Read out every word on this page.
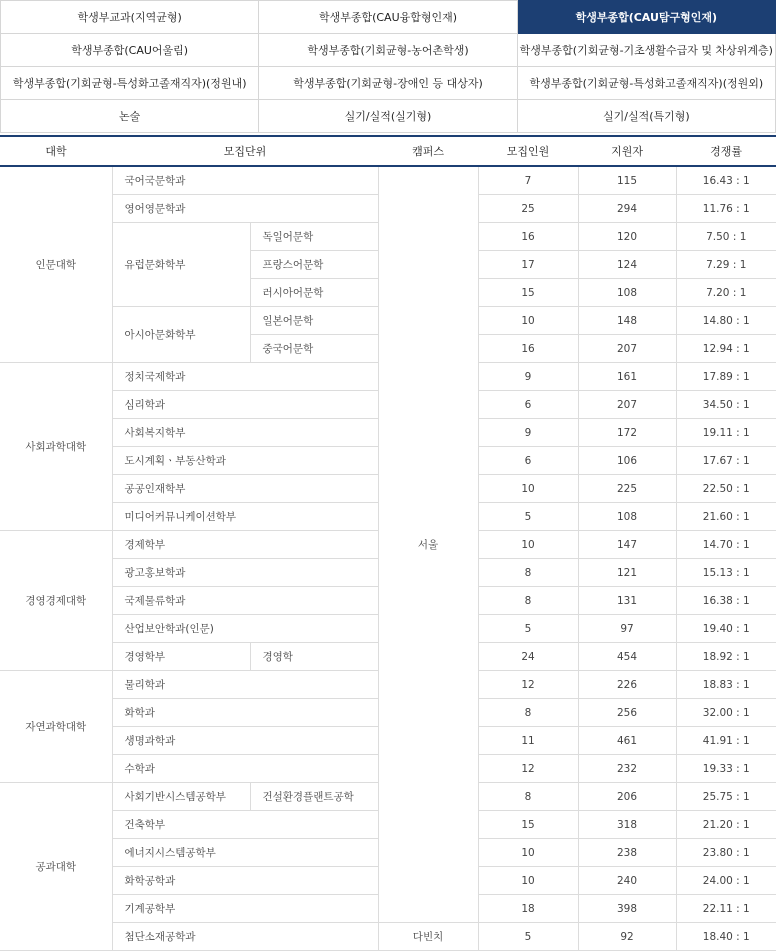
학생부교과(지역균형)	학생부종합(CAU융합형인재)	학생부종합(CAU탐구형인재)
학생부종합(CAU어울림)	학생부종합(기회균형-농어촌학생)	학생부종합(기회균형-기초생활수급자 및 차상위계층)
학생부종합(기회균형-특성화고졸재직자)(정원내)	학생부종합(기회균형-장애인 등 대상자)	학생부종합(기회균형-특성화고졸재직자)(정원외)
논술	실기/실적(실기형)	실기/실적(특기형)
대학	모집단위		캠퍼스	모집인원	지원자	경쟁률
인문대학	국어국문학과		서울	7	115	16.43 : 1
	영어영문학과			25	294	11.76 : 1
	유럽문화학부	독일어문학		16	120	7.50 : 1
		프랑스어문학		17	124	7.29 : 1
		러시아어문학		15	108	7.20 : 1
	아시아문화학부	일본어문학		10	148	14.80 : 1
		중국어문학		16	207	12.94 : 1
사회과학대학	정치국제학과			9	161	17.89 : 1
	심리학과			6	207	34.50 : 1
	사회복지학부			9	172	19.11 : 1
	도시계획ㆍ부동산학과			6	106	17.67 : 1
	공공인재학부			10	225	22.50 : 1
	미디어커뮤니케이션학부			5	108	21.60 : 1
경영경제대학	경제학부			10	147	14.70 : 1
	광고홍보학과			8	121	15.13 : 1
	국제물류학과			8	131	16.38 : 1
	산업보안학과(인문)			5	97	19.40 : 1
	경영학부	경영학		24	454	18.92 : 1
자연과학대학	물리학과			12	226	18.83 : 1
	화학과			8	256	32.00 : 1
	생명과학과			11	461	41.91 : 1
	수학과			12	232	19.33 : 1
공과대학	사회기반시스템공학부	건설환경플랜트공학		8	206	25.75 : 1
	건축학부			15	318	21.20 : 1
	에너지시스템공학부			10	238	23.80 : 1
	화학공학과			10	240	24.00 : 1
	기계공학부			18	398	22.11 : 1
	첨단소재공학과		다빈치	5	92	18.40 : 1
